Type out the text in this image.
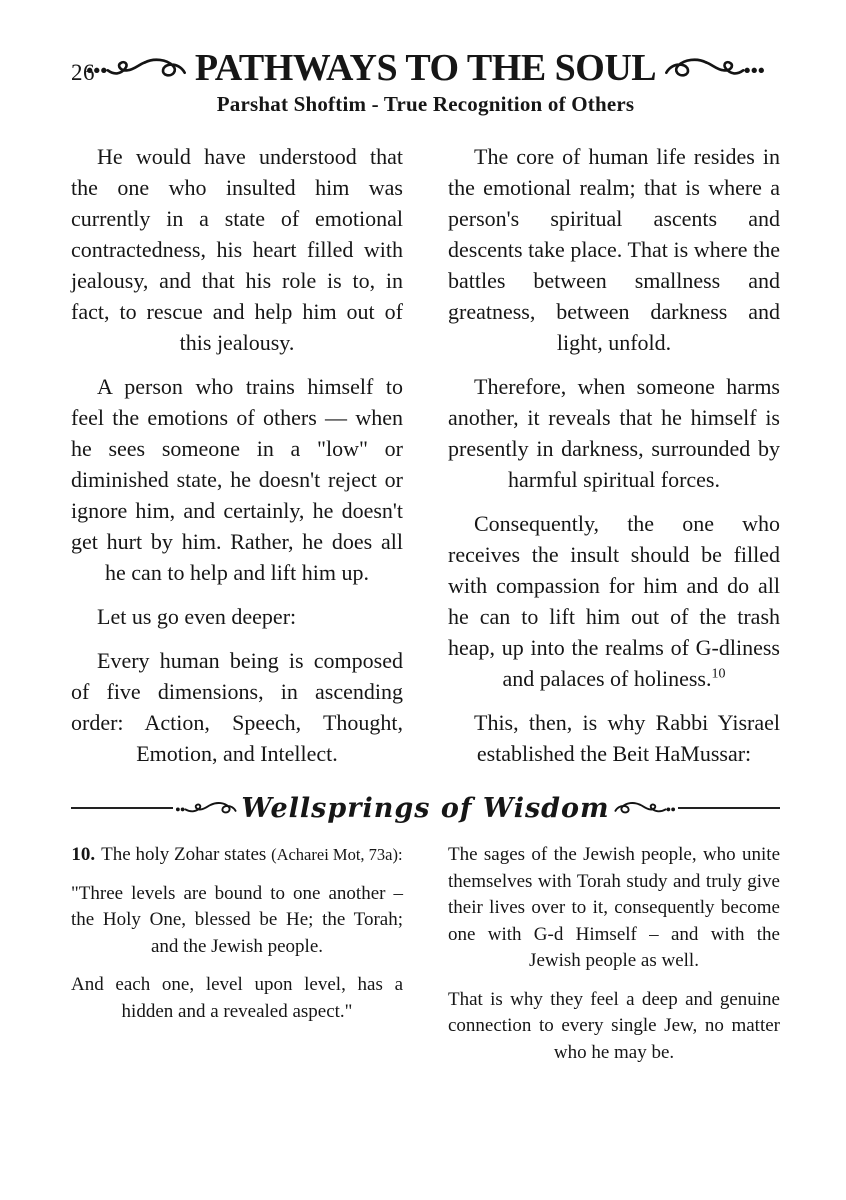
26	PATHWAYS TO THE SOUL
Parshat Shoftim - True Recognition of Others

He would have understood that the one who insulted him was currently in a state of emotional contractedness, his heart filled with jealousy, and that his role is to, in fact, to rescue and help him out of this jealousy.

A person who trains himself to feel the emotions of others — when he sees someone in a "low" or diminished state, he doesn't reject or ignore him, and certainly, he doesn't get hurt by him. Rather, he does all he can to help and lift him up.

Let us go even deeper:

Every human being is composed of five dimensions, in ascending order: Action, Speech, Thought, Emotion, and Intellect.

The core of human life resides in the emotional realm; that is where a person's spiritual ascents and descents take place. That is where the battles between smallness and greatness, between darkness and light, unfold.

Therefore, when someone harms another, it reveals that he himself is presently in darkness, surrounded by harmful spiritual forces.

Consequently, the one who receives the insult should be filled with compassion for him and do all he can to lift him out of the trash heap, up into the realms of G-dliness and palaces of holiness.$^{10}$

This, then, is why Rabbi Yisrael established the Beit HaMussar:

Wellsprings of Wisdom

10. The holy Zohar states (Acharei Mot, 73a):

"Three levels are bound to one another – the Holy One, blessed be He; the Torah; and the Jewish people.

And each one, level upon level, has a hidden and a revealed aspect."

The sages of the Jewish people, who unite themselves with Torah study and truly give their lives over to it, consequently become one with G-d Himself – and with the Jewish people as well.

That is why they feel a deep and genuine connection to every single Jew, no matter who he may be.
